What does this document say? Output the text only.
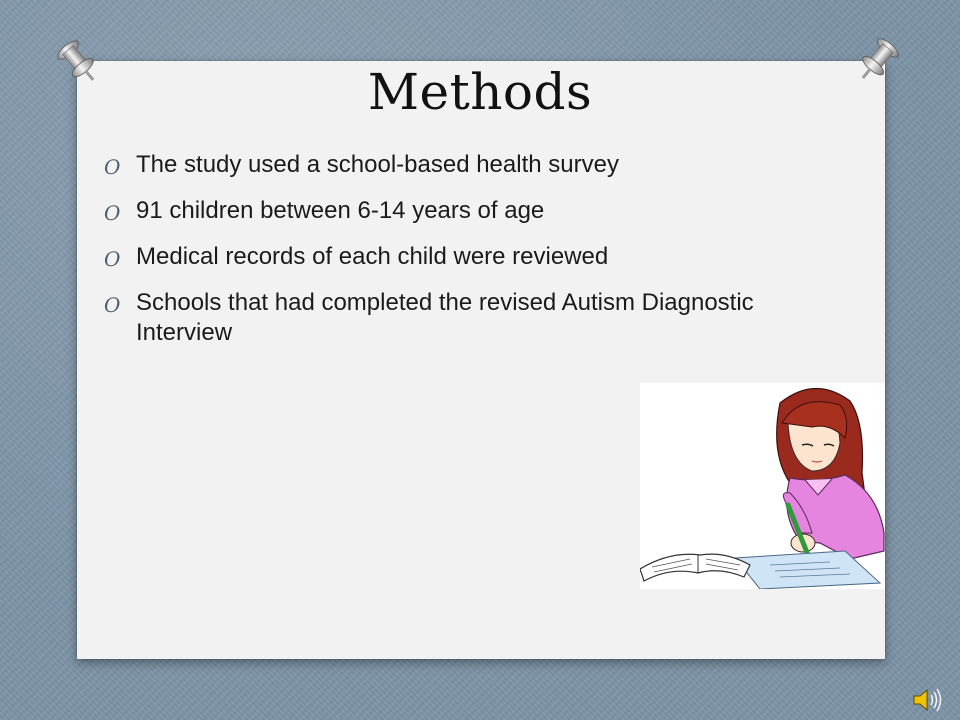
Methods
O The study used a school-based health survey
O 91 children between 6-14 years of age
O Medical records of each child were reviewed
O Schools that had completed the revised Autism Diagnostic Interview
